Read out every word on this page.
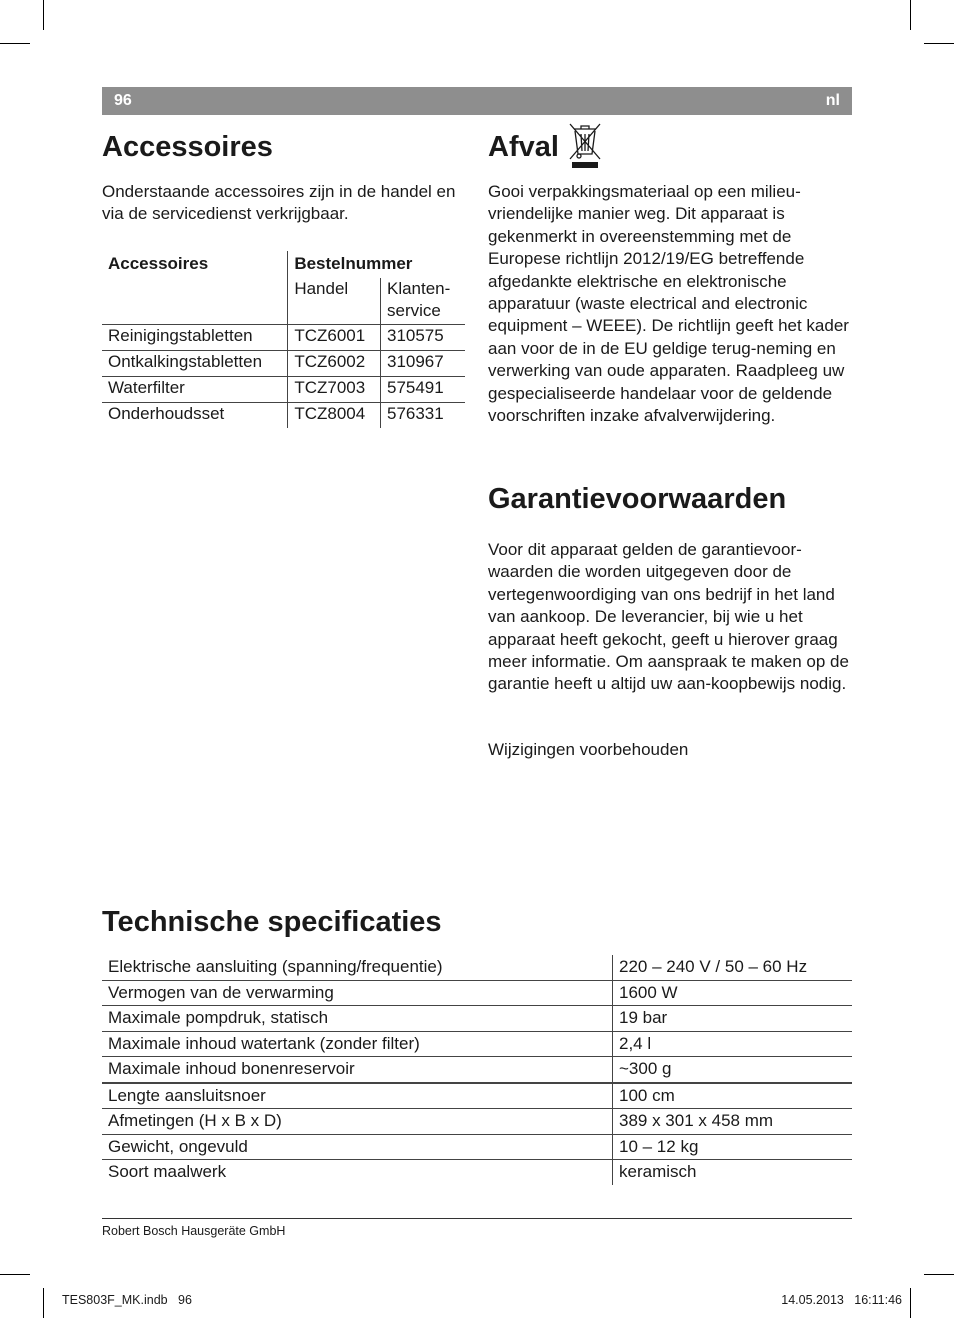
96	nl
Accessoires

Onderstaande accessoires zijn in de handel en via de servicedienst verkrijgbaar.

Accessoires	Bestelnummer	
	Handel	Klanten-service

Reinigingstabletten	TCZ6001	310575
Ontkalkingstabletten	TCZ6002	310967
Waterfilter	TCZ7003	575491
Onderhoudsset	TCZ8004	576331
Afval

Gooi verpakkingsmateriaal op een milieu-vriendelijke manier weg. Dit apparaat is gekenmerkt in overeenstemming met de Europese richtlijn 2012/19/EG betreffende afgedankte elektrische en elektronische apparatuur (waste electrical and electronic equipment – WEEE). De richtlijn geeft het kader aan voor de in de EU geldige terug-neming en verwerking van oude apparaten. Raadpleeg uw gespecialiseerde handelaar voor de geldende voorschriften inzake afvalverwijdering.

Garantievoorwaarden

Voor dit apparaat gelden de garantievoor-waarden die worden uitgegeven door de vertegenwoordiging van ons bedrijf in het land van aankoop. De leverancier, bij wie u het apparaat heeft gekocht, geeft u hierover graag meer informatie. Om aanspraak te maken op de garantie heeft u altijd uw aan-koopbewijs nodig.

Wijzigingen voorbehouden

Technische specificaties
Elektrische aansluiting (spanning/frequentie)	220 – 240 V / 50 – 60 Hz
Vermogen van de verwarming	1600 W
Maximale pompdruk, statisch	19 bar
Maximale inhoud watertank (zonder filter)	2,4 l
Maximale inhoud bonenreservoir	~300 g
Lengte aansluitsnoer	100 cm
Afmetingen (H x B x D)	389 x 301 x 458 mm
Gewicht, ongevuld	10 – 12 kg
Soort maalwerk	keramisch
Robert Bosch Hausgeräte GmbH
TES803F_MK.indb   96	14.05.2013   16:11:46
